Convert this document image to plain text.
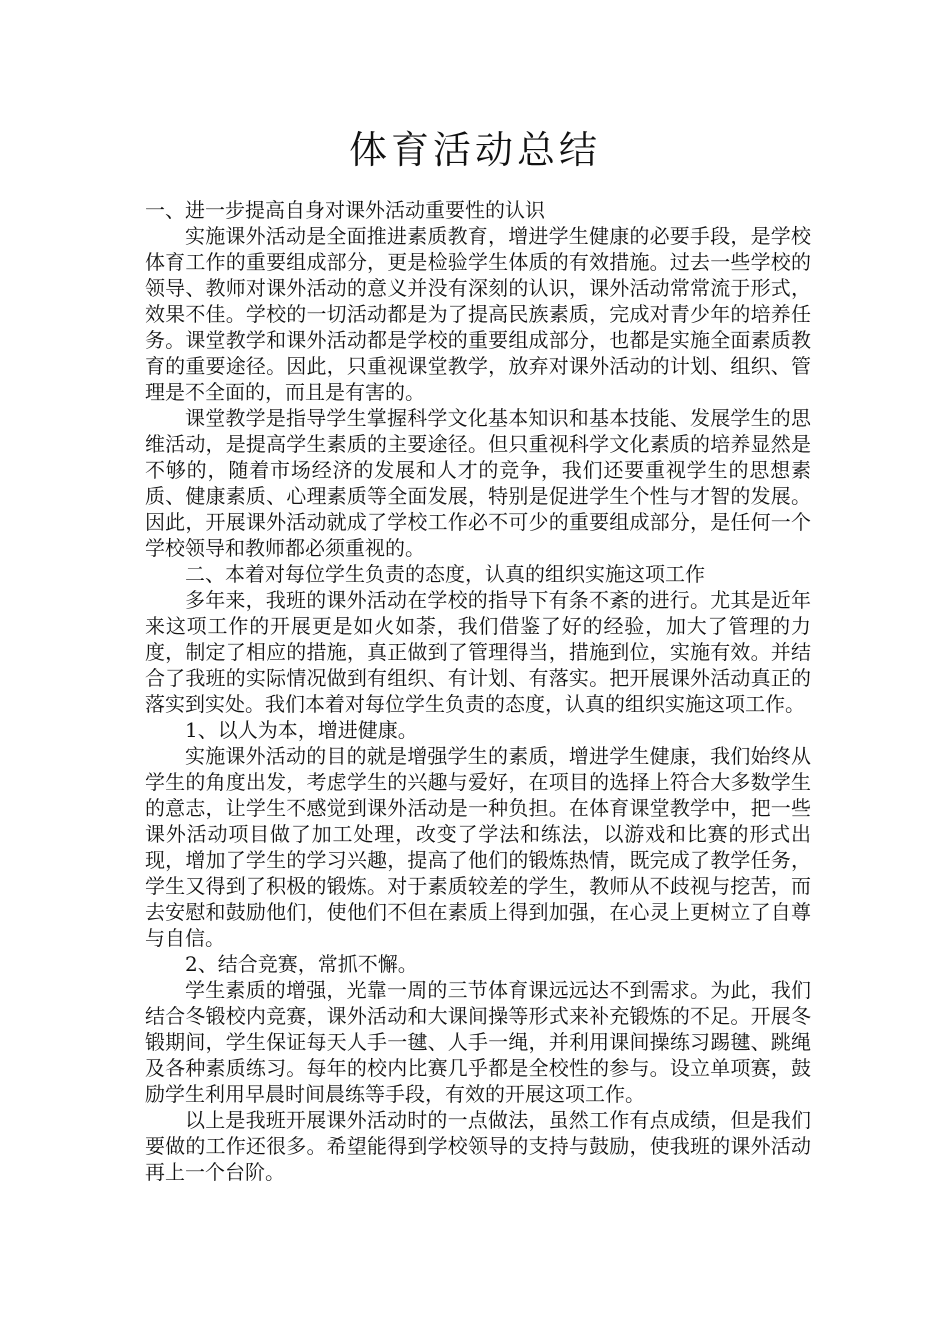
体育活动总结

一、进一步提高自身对课外活动重要性的认识

实施课外活动是全面推进素质教育，增进学生健康的必要手段，是学校体育工作的重要组成部分，更是检验学生体质的有效措施。过去一些学校的领导、教师对课外活动的意义并没有深刻的认识，课外活动常常流于形式，效果不佳。学校的一切活动都是为了提高民族素质，完成对青少年的培养任务。课堂教学和课外活动都是学校的重要组成部分，也都是实施全面素质教育的重要途径。因此，只重视课堂教学，放弃对课外活动的计划、组织、管理是不全面的，而且是有害的。

课堂教学是指导学生掌握科学文化基本知识和基本技能、发展学生的思维活动，是提高学生素质的主要途径。但只重视科学文化素质的培养显然是不够的，随着市场经济的发展和人才的竞争，我们还要重视学生的思想素质、健康素质、心理素质等全面发展，特别是促进学生个性与才智的发展。因此，开展课外活动就成了学校工作必不可少的重要组成部分，是任何一个学校领导和教师都必须重视的。

二、本着对每位学生负责的态度，认真的组织实施这项工作

多年来，我班的课外活动在学校的指导下有条不紊的进行。尤其是近年来这项工作的开展更是如火如荼，我们借鉴了好的经验，加大了管理的力度，制定了相应的措施，真正做到了管理得当，措施到位，实施有效。并结合了我班的实际情况做到有组织、有计划、有落实。把开展课外活动真正的落实到实处。我们本着对每位学生负责的态度，认真的组织实施这项工作。

1、以人为本，增进健康。

实施课外活动的目的就是增强学生的素质，增进学生健康，我们始终从学生的角度出发，考虑学生的兴趣与爱好，在项目的选择上符合大多数学生的意志，让学生不感觉到课外活动是一种负担。在体育课堂教学中，把一些课外活动项目做了加工处理，改变了学法和练法，以游戏和比赛的形式出现，增加了学生的学习兴趣，提高了他们的锻炼热情，既完成了教学任务，学生又得到了积极的锻炼。对于素质较差的学生，教师从不歧视与挖苦，而去安慰和鼓励他们，使他们不但在素质上得到加强，在心灵上更树立了自尊与自信。

2、结合竞赛，常抓不懈。

学生素质的增强，光靠一周的三节体育课远远达不到需求。为此，我们结合冬锻校内竞赛，课外活动和大课间操等形式来补充锻炼的不足。开展冬锻期间，学生保证每天人手一毽、人手一绳，并利用课间操练习踢毽、跳绳及各种素质练习。每年的校内比赛几乎都是全校性的参与。设立单项赛，鼓励学生利用早晨时间晨练等手段，有效的开展这项工作。

以上是我班开展课外活动时的一点做法，虽然工作有点成绩，但是我们要做的工作还很多。希望能得到学校领导的支持与鼓励，使我班的课外活动再上一个台阶。
